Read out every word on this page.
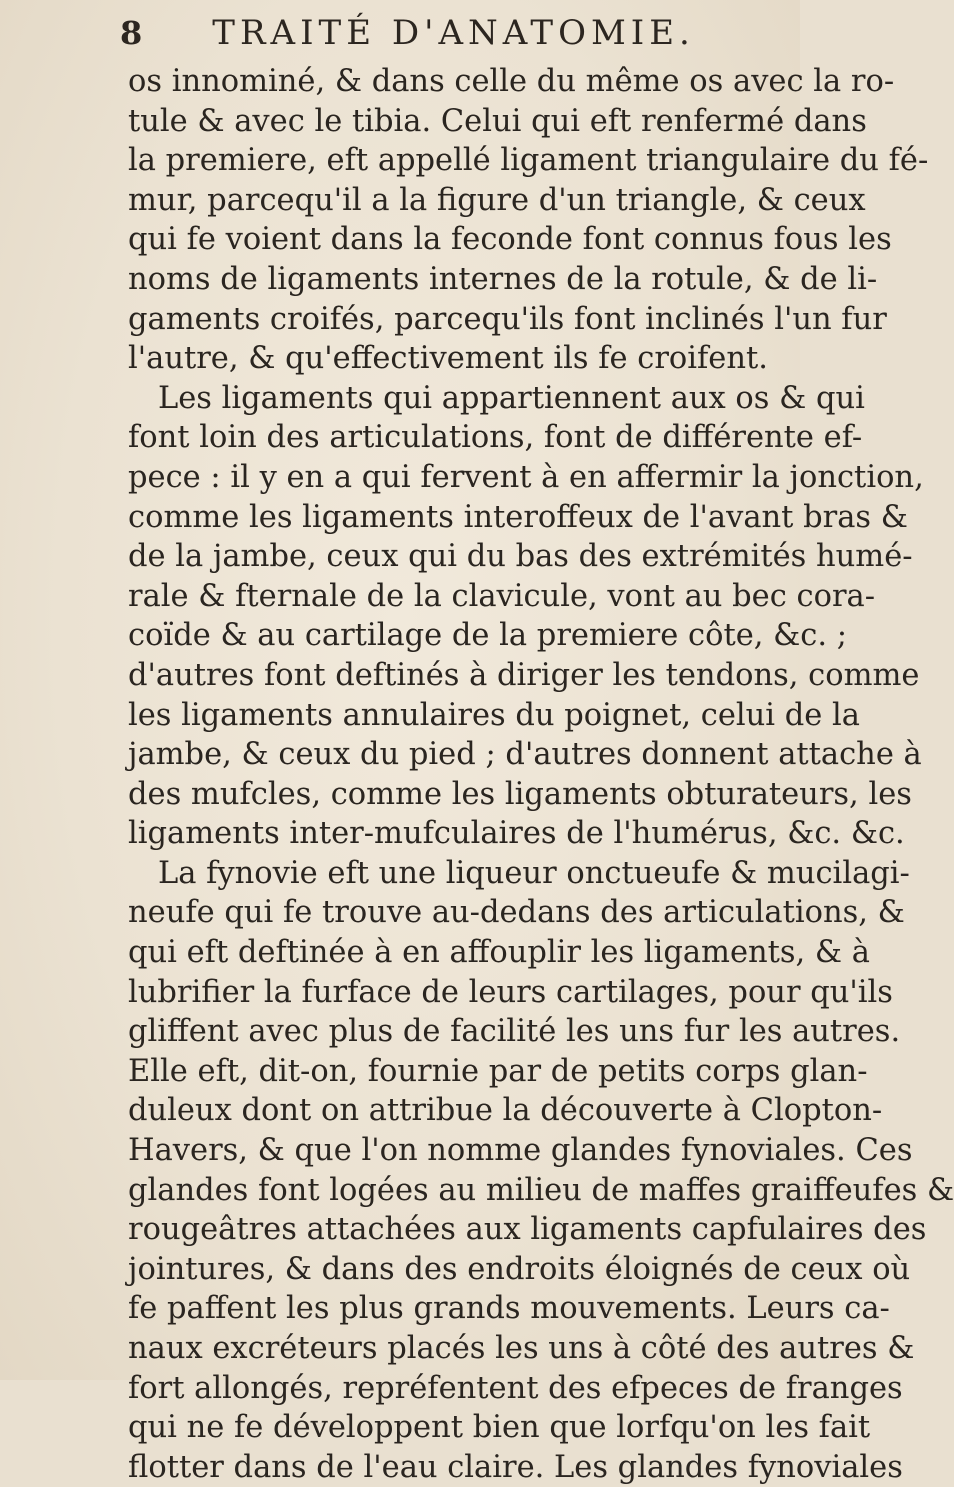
8 TRAITÉ D'ANATOMIE.
os innominé, & dans celle du même os avec la ro-
tule & avec le tibia. Celui qui eft renfermé dans
la premiere, eft appellé ligament triangulaire du fé-
mur, parcequ'il a la figure d'un triangle, & ceux
qui fe voient dans la feconde font connus fous les
noms de ligaments internes de la rotule, & de li-
gaments croifés, parcequ'ils font inclinés l'un fur
l'autre, & qu'effectivement ils fe croifent.
Les ligaments qui appartiennent aux os & qui
font loin des articulations, font de différente ef-
pece : il y en a qui fervent à en affermir la jonction,
comme les ligaments interoffeux de l'avant bras &
de la jambe, ceux qui du bas des extrémités humé-
rale & fternale de la clavicule, vont au bec cora-
coïde & au cartilage de la premiere côte, &c. ;
d'autres font deftinés à diriger les tendons, comme
les ligaments annulaires du poignet, celui de la
jambe, & ceux du pied ; d'autres donnent attache à
des mufcles, comme les ligaments obturateurs, les
ligaments inter-mufculaires de l'humérus, &c. &c.
La fynovie eft une liqueur onctueufe & mucilagi-
neufe qui fe trouve au-dedans des articulations, &
qui eft deftinée à en affouplir les ligaments, & à
lubrifier la furface de leurs cartilages, pour qu'ils
gliffent avec plus de facilité les uns fur les autres.
Elle eft, dit-on, fournie par de petits corps glan-
duleux dont on attribue la découverte à Clopton-
Havers, & que l'on nomme glandes fynoviales. Ces
glandes font logées au milieu de maffes graiffeufes &
rougeâtres attachées aux ligaments capfulaires des
jointures, & dans des endroits éloignés de ceux où
fe paffent les plus grands mouvements. Leurs ca-
naux excréteurs placés les uns à côté des autres &
fort allongés, repréfentent des efpeces de franges
qui ne fe développent bien que lorfqu'on les fait
flotter dans de l'eau claire. Les glandes fynoviales
